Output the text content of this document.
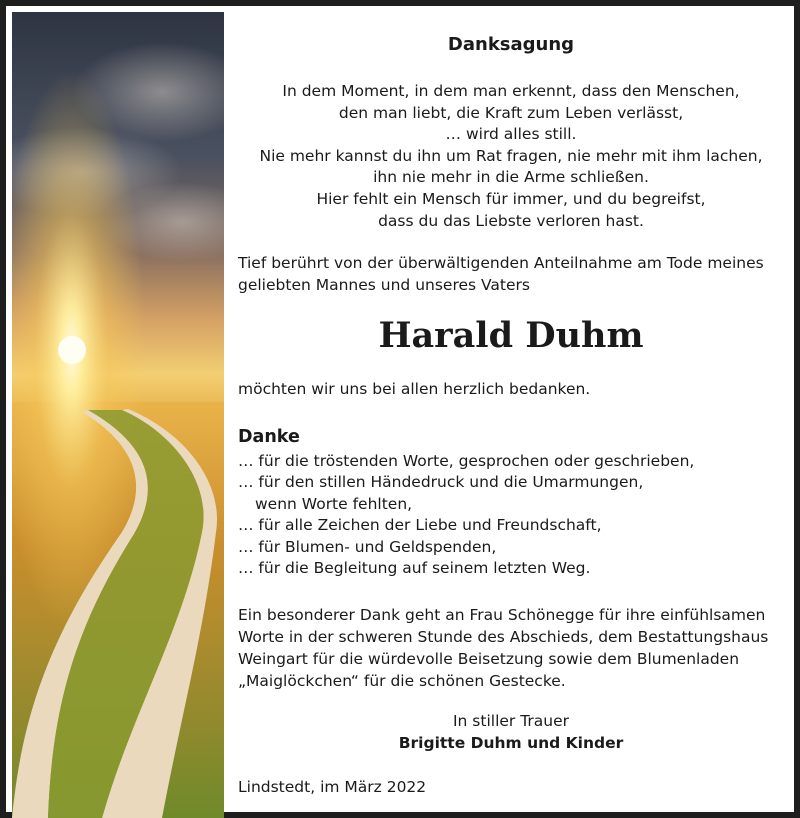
Danksagung
In dem Moment, in dem man erkennt, dass den Menschen,
den man liebt, die Kraft zum Leben verlässt,
… wird alles still.
Nie mehr kannst du ihn um Rat fragen, nie mehr mit ihm lachen,
ihn nie mehr in die Arme schließen.
Hier fehlt ein Mensch für immer, und du begreifst,
dass du das Liebste verloren hast.
Tief berührt von der überwältigenden Anteilnahme am Tode meines
geliebten Mannes und unseres Vaters
Harald Duhm
möchten wir uns bei allen herzlich bedanken.
Danke
… für die tröstenden Worte, gesprochen oder geschrieben,
… für den stillen Händedruck und die Umarmungen,
wenn Worte fehlten,
… für alle Zeichen der Liebe und Freundschaft,
… für Blumen- und Geldspenden,
… für die Begleitung auf seinem letzten Weg.
Ein besonderer Dank geht an Frau Schönegge für ihre einfühlsamen
Worte in der schweren Stunde des Abschieds, dem Bestattungshaus
Weingart für die würdevolle Beisetzung sowie dem Blumenladen
„Maiglöckchen“ für die schönen Gestecke.
In stiller Trauer
Brigitte Duhm und Kinder
Lindstedt, im März 2022
